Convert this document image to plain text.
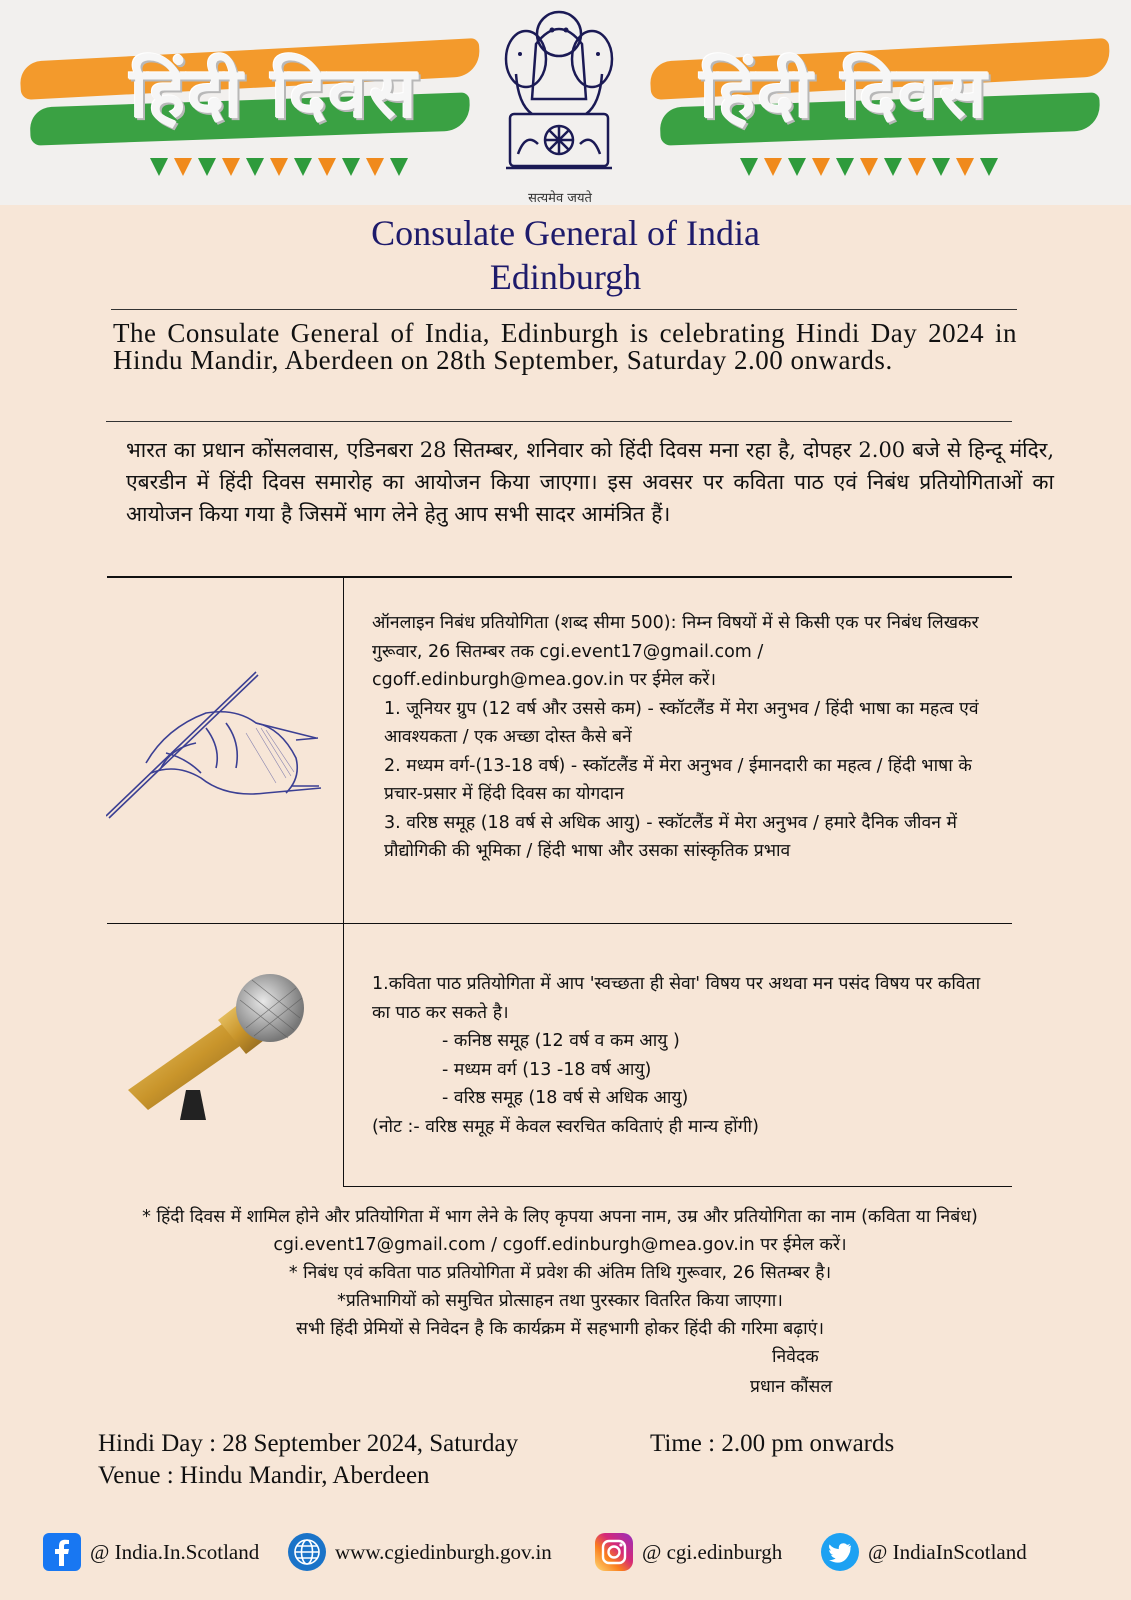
हिंदी दिवस	हिंदी दिवस
सत्यमेव जयते
Consulate General of India
Edinburgh
The Consulate General of India, Edinburgh is celebrating Hindi Day 2024 in Hindu Mandir, Aberdeen on 28th September, Saturday 2.00 onwards.
भारत का प्रधान कोंसलवास, एडिनबरा 28 सितम्बर, शनिवार को हिंदी दिवस मना रहा है, दोपहर 2.00 बजे से हिन्दू मंदिर, एबरडीन में हिंदी दिवस समारोह का आयोजन किया जाएगा। इस अवसर पर कविता पाठ एवं निबंध प्रतियोगिताओं का आयोजन किया गया है जिसमें भाग लेने हेतु आप सभी सादर आमंत्रित हैं।
ऑनलाइन निबंध प्रतियोगिता (शब्द सीमा 500): निम्न विषयों में से किसी एक पर निबंध लिखकर गुरूवार, 26 सितम्बर तक cgi.event17@gmail.com / cgoff.edinburgh@mea.gov.in पर ईमेल करें।
1. जूनियर ग्रुप (12 वर्ष और उससे कम) - स्कॉटलैंड में मेरा अनुभव / हिंदी भाषा का महत्व एवं आवश्यकता / एक अच्छा दोस्त कैसे बनें
2. मध्यम वर्ग-(13-18 वर्ष) - स्कॉटलैंड में मेरा अनुभव / ईमानदारी का महत्व / हिंदी भाषा के प्रचार-प्रसार में हिंदी दिवस का योगदान
3. वरिष्ठ समूह (18 वर्ष से अधिक आयु) - स्कॉटलैंड में मेरा अनुभव / हमारे दैनिक जीवन में प्रौद्योगिकी की भूमिका / हिंदी भाषा और उसका सांस्कृतिक प्रभाव
1.कविता पाठ प्रतियोगिता में आप 'स्वच्छता ही सेवा' विषय पर अथवा मन पसंद विषय पर कविता का पाठ कर सकते है।
- कनिष्ठ समूह (12 वर्ष व कम आयु )
- मध्यम वर्ग (13 -18 वर्ष आयु)
- वरिष्ठ समूह (18 वर्ष से अधिक आयु)
(नोट :- वरिष्ठ समूह में केवल स्वरचित कविताएं ही मान्य होंगी)
* हिंदी दिवस में शामिल होने और प्रतियोगिता में भाग लेने के लिए कृपया अपना नाम, उम्र और प्रतियोगिता का नाम (कविता या निबंध) cgi.event17@gmail.com / cgoff.edinburgh@mea.gov.in पर ईमेल करें।
* निबंध एवं कविता पाठ प्रतियोगिता में प्रवेश की अंतिम तिथि गुरूवार, 26 सितम्बर है।
*प्रतिभागियों को समुचित प्रोत्साहन तथा पुरस्कार वितरित किया जाएगा।
सभी हिंदी प्रेमियों से निवेदन है कि कार्यक्रम में सहभागी होकर हिंदी की गरिमा बढ़ाएं।
निवेदक
प्रधान कौंसल
Hindi Day : 28 September 2024, Saturday	Time : 2.00 pm onwards
Venue : Hindu Mandir, Aberdeen
@ India.In.Scotland	www.cgiedinburgh.gov.in	@ cgi.edinburgh	@ IndiaInScotland
